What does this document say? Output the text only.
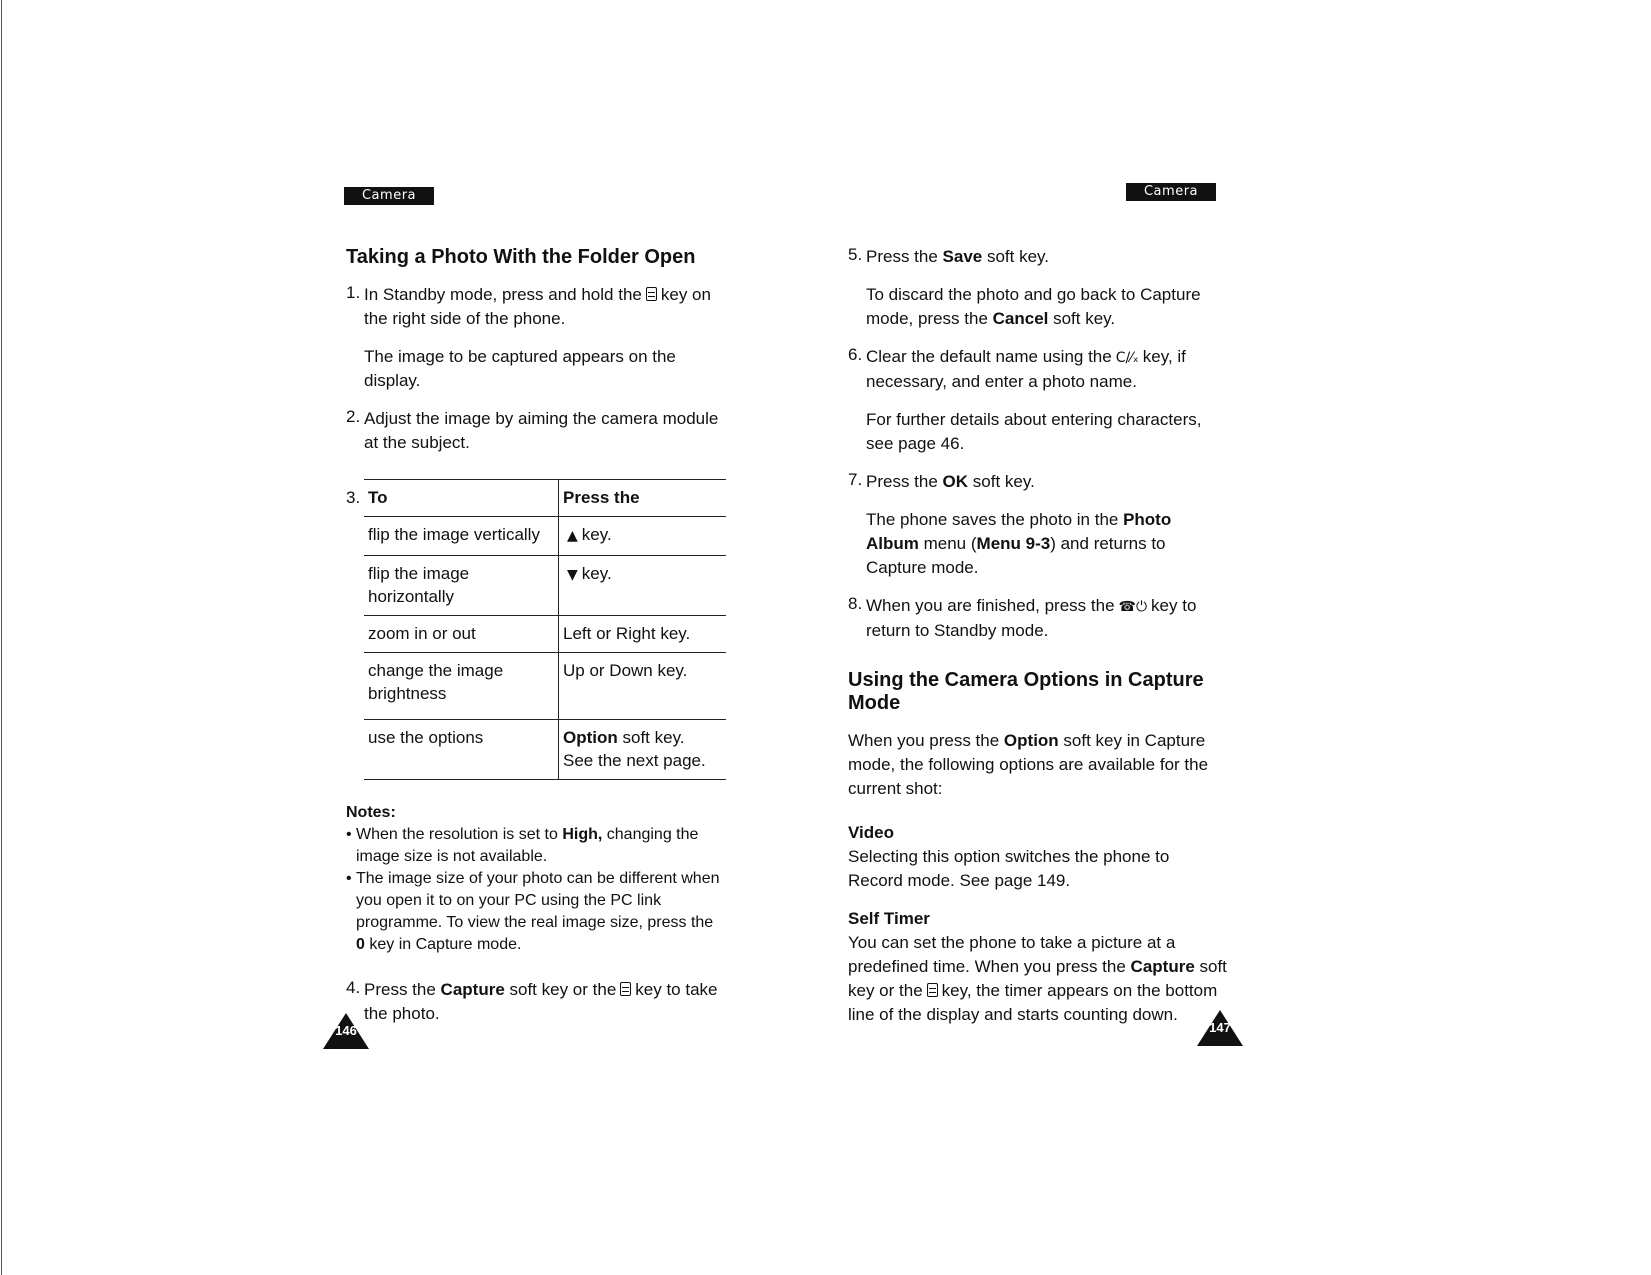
Camera
Taking a Photo With the Folder Open
1. In Standby mode, press and hold the key on the right side of the phone.

The image to be captured appears on the display.

2. Adjust the image by aiming the camera module at the subject.

3. To	Press the
flip the image vertically	▲ key.
flip the image horizontally	▼ key.
zoom in or out	Left or Right key.
change the image brightness	Up or Down key.
use the options	Option soft key.
See the next page.
Notes:
• When the resolution is set to High, changing the image size is not available.
• The image size of your photo can be different when you open it to on your PC using the PC link programme. To view the real image size, press the 0 key in Capture mode.
4. Press the Capture soft key or the key to take the photo.

146
Camera
5. Press the Save soft key.

To discard the photo and go back to Capture mode, press the Cancel soft key.

6. Clear the default name using the C/⁄ₓ key, if necessary, and enter a photo name.

For further details about entering characters, see page 46.

7. Press the OK soft key.

The phone saves the photo in the Photo Album menu (Menu 9-3) and returns to Capture mode.

8. When you are finished, press the ☎⏻ key to return to Standby mode.

Using the Camera Options in Capture Mode

When you press the Option soft key in Capture mode, the following options are available for the current shot:

Video

Selecting this option switches the phone to Record mode. See page 149.

Self Timer

You can set the phone to take a picture at a predefined time. When you press the Capture soft key or the key, the timer appears on the bottom line of the display and starts counting down.

147
